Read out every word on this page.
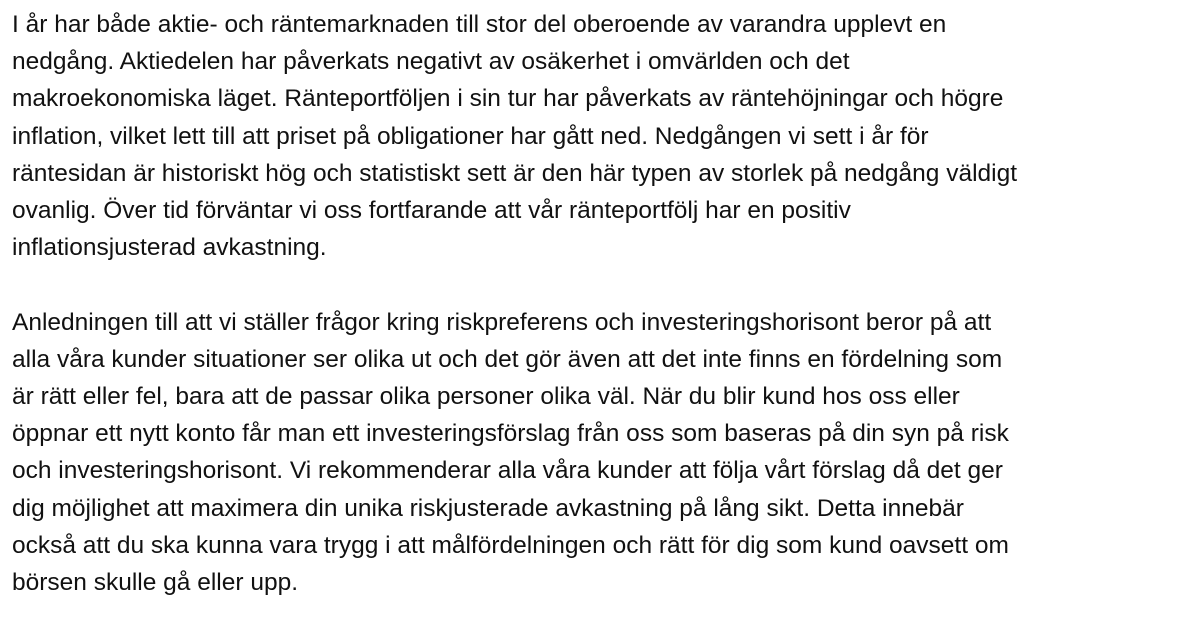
I år har både aktie- och räntemarknaden till stor del oberoende av varandra upplevt en
nedgång. Aktiedelen har påverkats negativt av osäkerhet i omvärlden och det
makroekonomiska läget. Ränteportföljen i sin tur har påverkats av räntehöjningar och högre
inflation, vilket lett till att priset på obligationer har gått ned. Nedgången vi sett i år för
räntesidan är historiskt hög och statistiskt sett är den här typen av storlek på nedgång väldigt
ovanlig. Över tid förväntar vi oss fortfarande att vår ränteportfölj har en positiv
inflationsjusterad avkastning.

Anledningen till att vi ställer frågor kring riskpreferens och investeringshorisont beror på att
alla våra kunder situationer ser olika ut och det gör även att det inte finns en fördelning som
är rätt eller fel, bara att de passar olika personer olika väl. När du blir kund hos oss eller
öppnar ett nytt konto får man ett investeringsförslag från oss som baseras på din syn på risk
och investeringshorisont. Vi rekommenderar alla våra kunder att följa vårt förslag då det ger
dig möjlighet att maximera din unika riskjusterade avkastning på lång sikt. Detta innebär
också att du ska kunna vara trygg i att målfördelningen och rätt för dig som kund oavsett om
börsen skulle gå eller upp.
